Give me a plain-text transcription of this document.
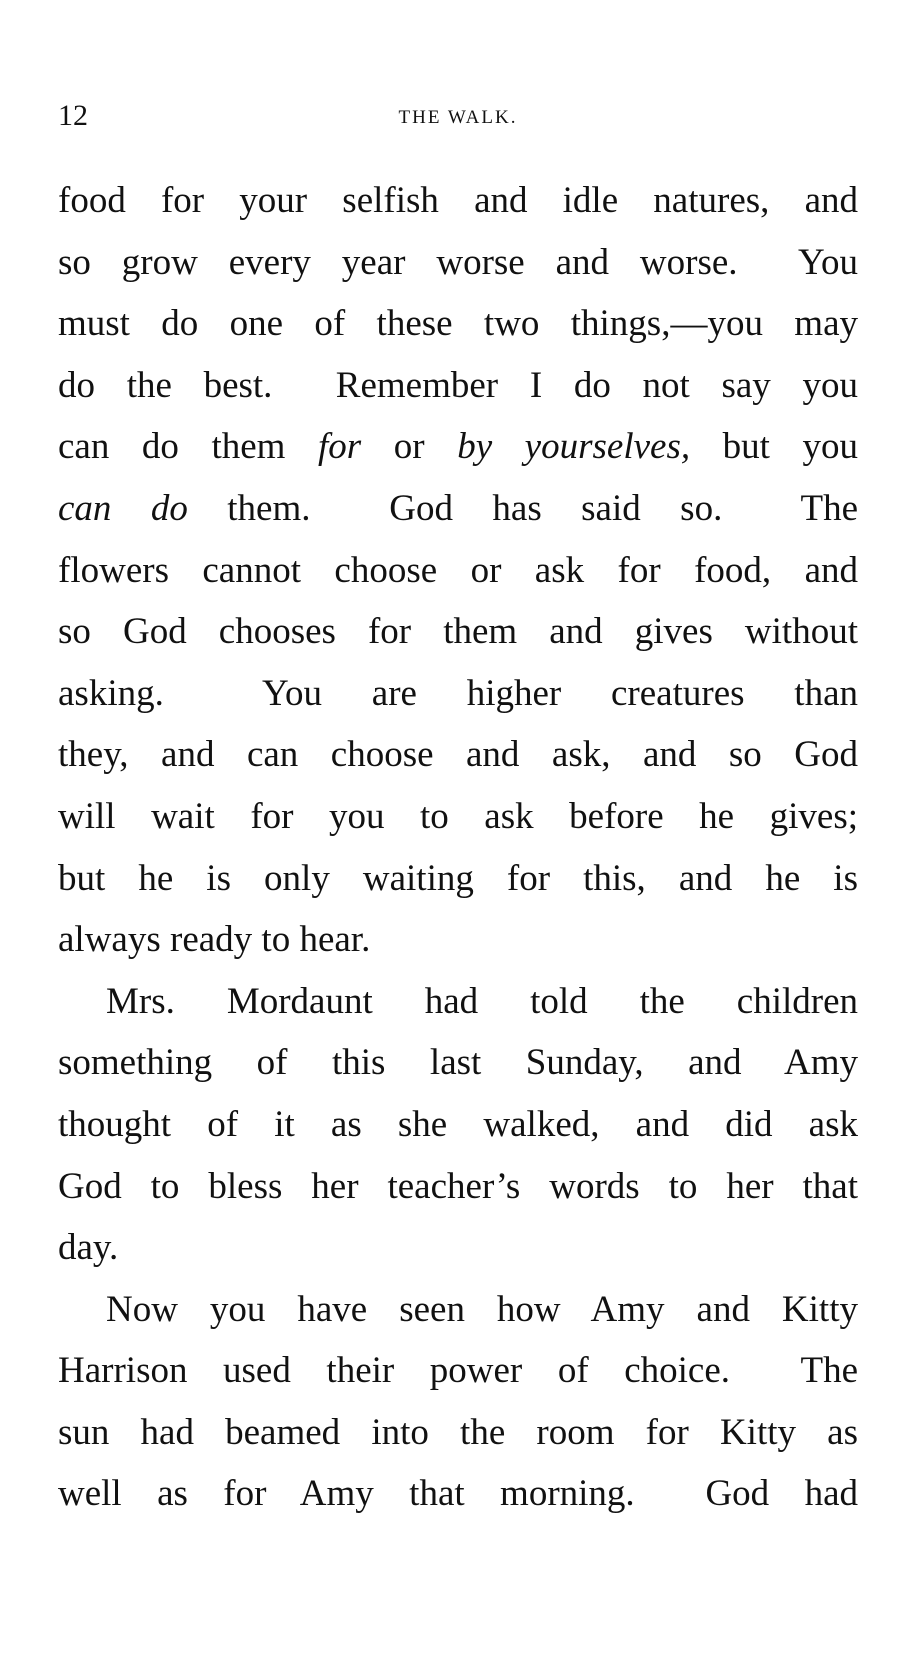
12	THE WALK.
food for your selfish and idle natures, and
so grow every year worse and worse.  You
must do one of these two things,—you may
do the best.  Remember I do not say you
can do them for or by yourselves, but you
can do them.  God has said so.  The
flowers cannot choose or ask for food, and
so God chooses for them and gives without
asking.  You are higher creatures than
they, and can choose and ask, and so God
will wait for you to ask before he gives;
but he is only waiting for this, and he is
always ready to hear.
Mrs. Mordaunt had told the children
something of this last Sunday, and Amy
thought of it as she walked, and did ask
God to bless her teacher’s words to her that
day.
Now you have seen how Amy and Kitty
Harrison used their power of choice.  The
sun had beamed into the room for Kitty as
well as for Amy that morning.  God had
